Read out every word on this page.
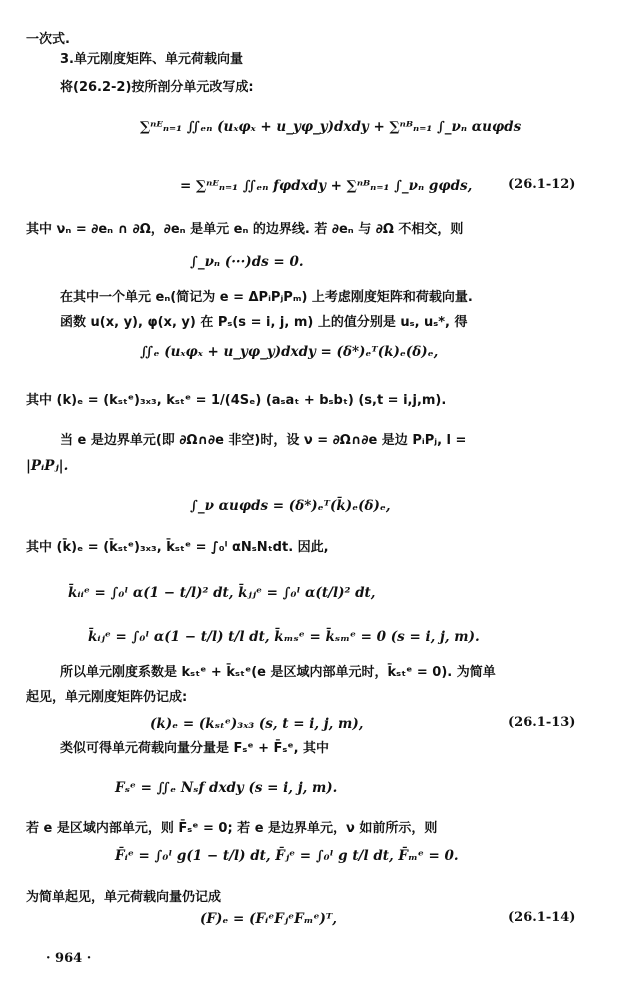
一次式.
3.单元刚度矩阵、单元荷载向量
将(26.2-2)按所剖分单元改写成:
∑ⁿᴱₙ₌₁ ∬ₑₙ (uₓφₓ + u_yφ_y)dxdy + ∑ⁿᴮₙ₌₁ ∫_νₙ αuφds
= ∑ⁿᴱₙ₌₁ ∬ₑₙ fφdxdy + ∑ⁿᴮₙ₌₁ ∫_νₙ gφds,	(26.1-12)
其中 νₙ = ∂eₙ ∩ ∂Ω，∂eₙ 是单元 eₙ 的边界线. 若 ∂eₙ 与 ∂Ω 不相交，则
∫_νₙ (···)ds = 0.
在其中一个单元 eₙ(简记为 e = ΔPᵢPⱼPₘ) 上考虑刚度矩阵和荷载向量.
函数 u(x, y), φ(x, y) 在 Pₛ(s = i, j, m) 上的值分别是 uₛ, uₛ*, 得
∬ₑ (uₓφₓ + u_yφ_y)dxdy = (δ*)ₑᵀ(k)ₑ(δ)ₑ,
其中 (k)ₑ = (kₛₜᵉ)₃ₓ₃, kₛₜᵉ = 1/(4Sₑ) (aₛaₜ + bₛbₜ) (s,t = i,j,m).
当 e 是边界单元(即 ∂Ω∩∂e 非空)时，设 ν = ∂Ω∩∂e 是边 PᵢPⱼ, l =
|PᵢPⱼ|.
∫_ν αuφds = (δ*)ₑᵀ(k̄)ₑ(δ)ₑ,
其中 (k̄)ₑ = (k̄ₛₜᵉ)₃ₓ₃, k̄ₛₜᵉ = ∫₀ˡ αNₛNₜdt. 因此,
k̄ᵢᵢᵉ = ∫₀ˡ α(1 − t/l)² dt, k̄ⱼⱼᵉ = ∫₀ˡ α(t/l)² dt,
k̄ᵢⱼᵉ = ∫₀ˡ α(1 − t/l) t/l dt, k̄ₘₛᵉ = k̄ₛₘᵉ = 0 (s = i, j, m).
所以单元刚度系数是 kₛₜᵉ + k̄ₛₜᵉ(e 是区域内部单元时，k̄ₛₜᵉ = 0). 为简单
起见，单元刚度矩阵仍记成:
(k)ₑ = (kₛₜᵉ)₃ₓ₃ (s, t = i, j, m),	(26.1-13)
类似可得单元荷载向量分量是 Fₛᵉ + F̄ₛᵉ, 其中
Fₛᵉ = ∬ₑ Nₛf dxdy (s = i, j, m).
若 e 是区域内部单元，则 F̄ₛᵉ = 0; 若 e 是边界单元，ν 如前所示，则
F̄ᵢᵉ = ∫₀ˡ g(1 − t/l) dt, F̄ⱼᵉ = ∫₀ˡ g t/l dt, F̄ₘᵉ = 0.
为简单起见，单元荷载向量仍记成
(F)ₑ = (FᵢᵉFⱼᵉFₘᵉ)ᵀ,	(26.1-14)
· 964 ·
